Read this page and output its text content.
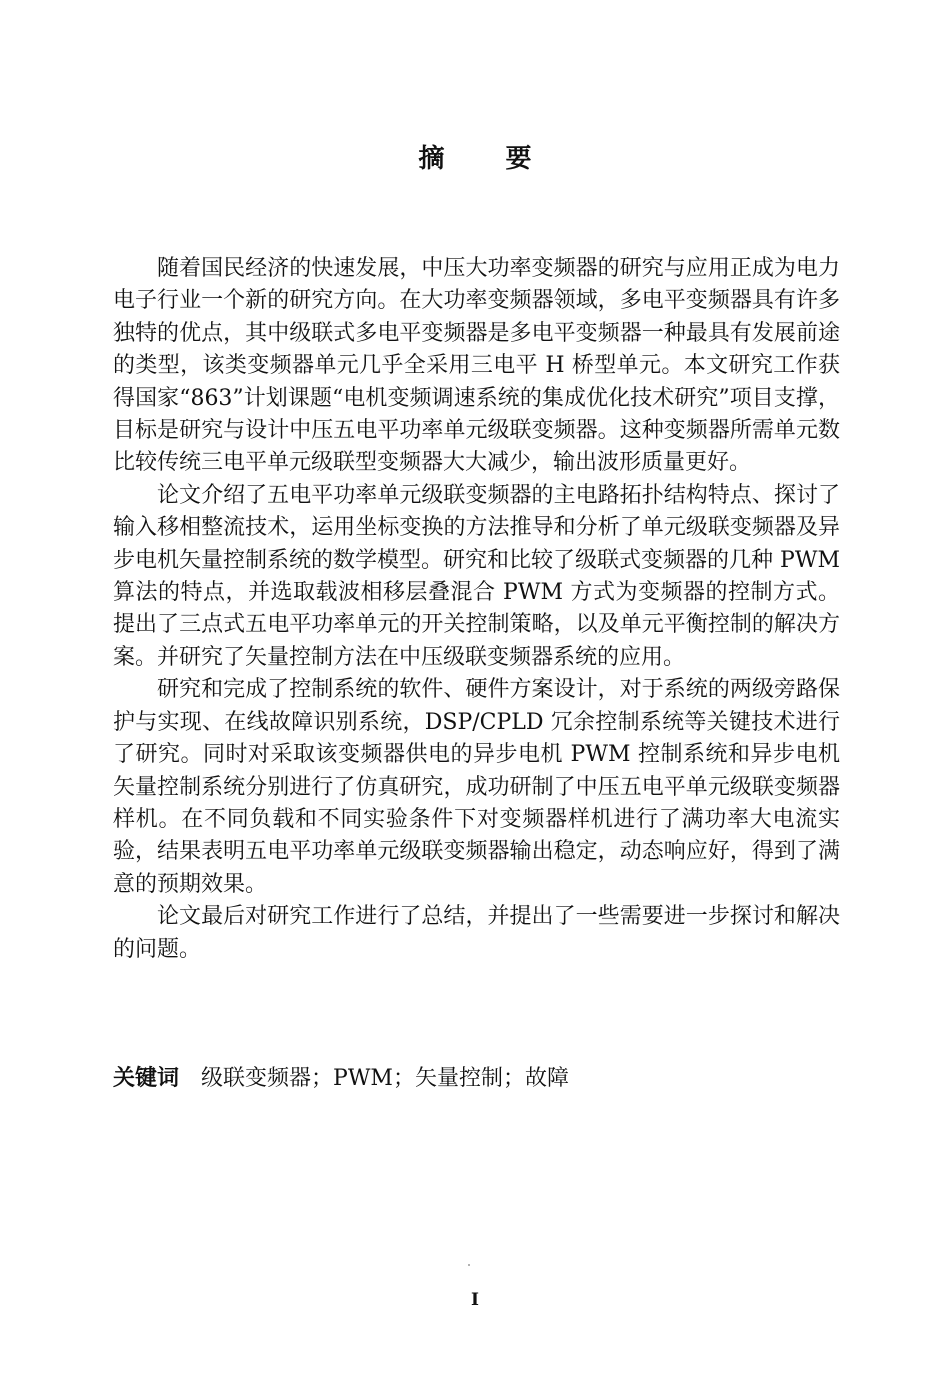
摘 要

随着国民经济的快速发展，中压大功率变频器的研究与应用正成为电力电子行业一个新的研究方向。在大功率变频器领域，多电平变频器具有许多独特的优点，其中级联式多电平变频器是多电平变频器一种最具有发展前途的类型，该类变频器单元几乎全采用三电平 H 桥型单元。本文研究工作获得国家“863”计划课题“电机变频调速系统的集成优化技术研究”项目支撑，目标是研究与设计中压五电平功率单元级联变频器。这种变频器所需单元数比较传统三电平单元级联型变频器大大减少，输出波形质量更好。

论文介绍了五电平功率单元级联变频器的主电路拓扑结构特点、探讨了输入移相整流技术，运用坐标变换的方法推导和分析了单元级联变频器及异步电机矢量控制系统的数学模型。研究和比较了级联式变频器的几种 PWM 算法的特点，并选取载波相移层叠混合 PWM 方式为变频器的控制方式。提出了三点式五电平功率单元的开关控制策略，以及单元平衡控制的解决方案。并研究了矢量控制方法在中压级联变频器系统的应用。

研究和完成了控制系统的软件、硬件方案设计，对于系统的两级旁路保护与实现、在线故障识别系统，DSP/CPLD 冗余控制系统等关键技术进行了研究。同时对采取该变频器供电的异步电机 PWM 控制系统和异步电机矢量控制系统分别进行了仿真研究，成功研制了中压五电平单元级联变频器样机。在不同负载和不同实验条件下对变频器样机进行了满功率大电流实验，结果表明五电平功率单元级联变频器输出稳定，动态响应好，得到了满意的预期效果。

论文最后对研究工作进行了总结，并提出了一些需要进一步探讨和解决的问题。

关键词 级联变频器；PWM；矢量控制；故障
I
